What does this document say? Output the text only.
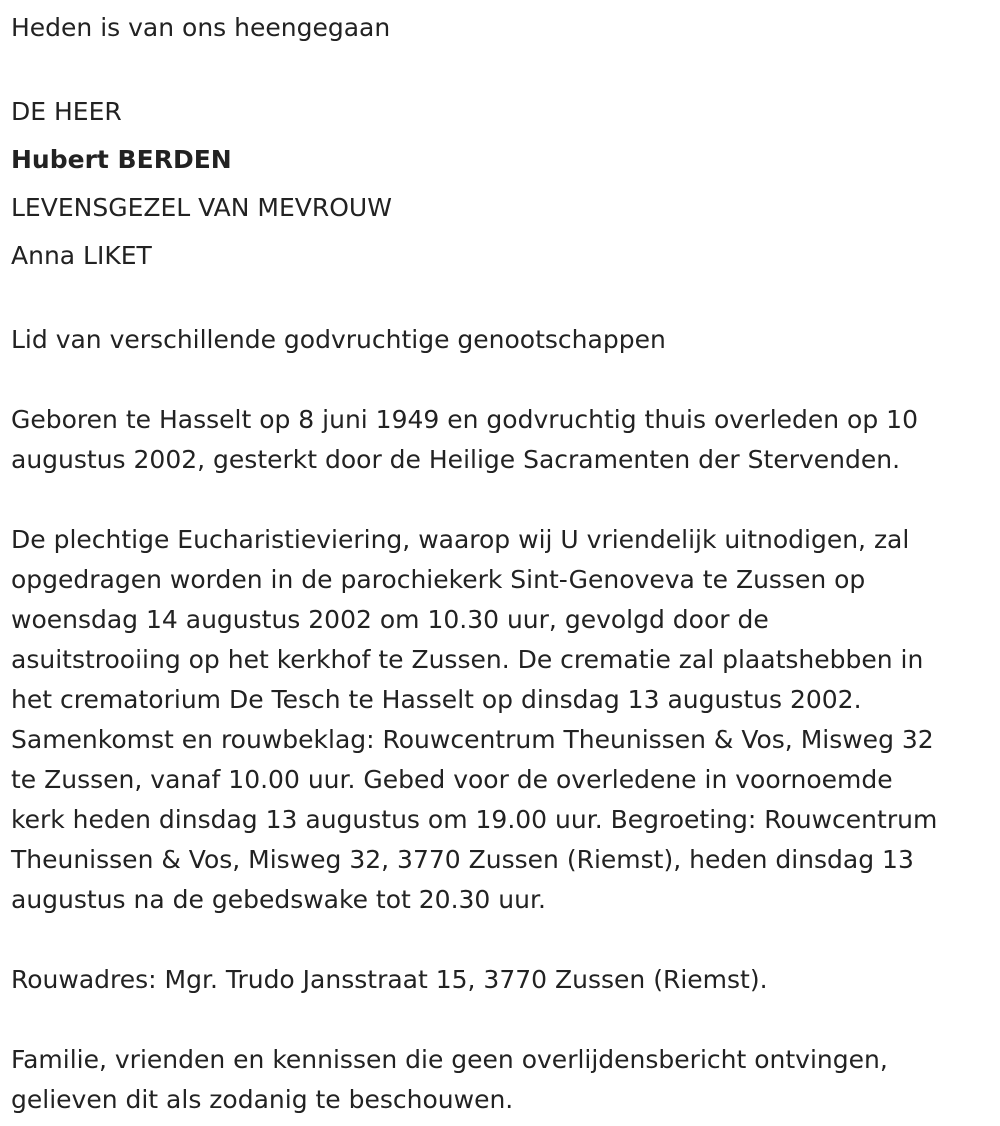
Heden is van ons heengegaan

DE HEER

Hubert BERDEN

LEVENSGEZEL VAN MEVROUW

Anna LIKET

Lid van verschillende godvruchtige genootschappen

Geboren te Hasselt op 8 juni 1949 en godvruchtig thuis overleden op 10
augustus 2002, gesterkt door de Heilige Sacramenten der Stervenden.

De plechtige Eucharistieviering, waarop wij U vriendelijk uitnodigen, zal
opgedragen worden in de parochiekerk Sint-Genoveva te Zussen op
woensdag 14 augustus 2002 om 10.30 uur, gevolgd door de
asuitstrooiing op het kerkhof te Zussen. De crematie zal plaatshebben in
het crematorium De Tesch te Hasselt op dinsdag 13 augustus 2002.
Samenkomst en rouwbeklag: Rouwcentrum Theunissen & Vos, Misweg 32
te Zussen, vanaf 10.00 uur. Gebed voor de overledene in voornoemde
kerk heden dinsdag 13 augustus om 19.00 uur. Begroeting: Rouwcentrum
Theunissen & Vos, Misweg 32, 3770 Zussen (Riemst), heden dinsdag 13
augustus na de gebedswake tot 20.30 uur.

Rouwadres: Mgr. Trudo Jansstraat 15, 3770 Zussen (Riemst).

Familie, vrienden en kennissen die geen overlijdensbericht ontvingen,
gelieven dit als zodanig te beschouwen.
